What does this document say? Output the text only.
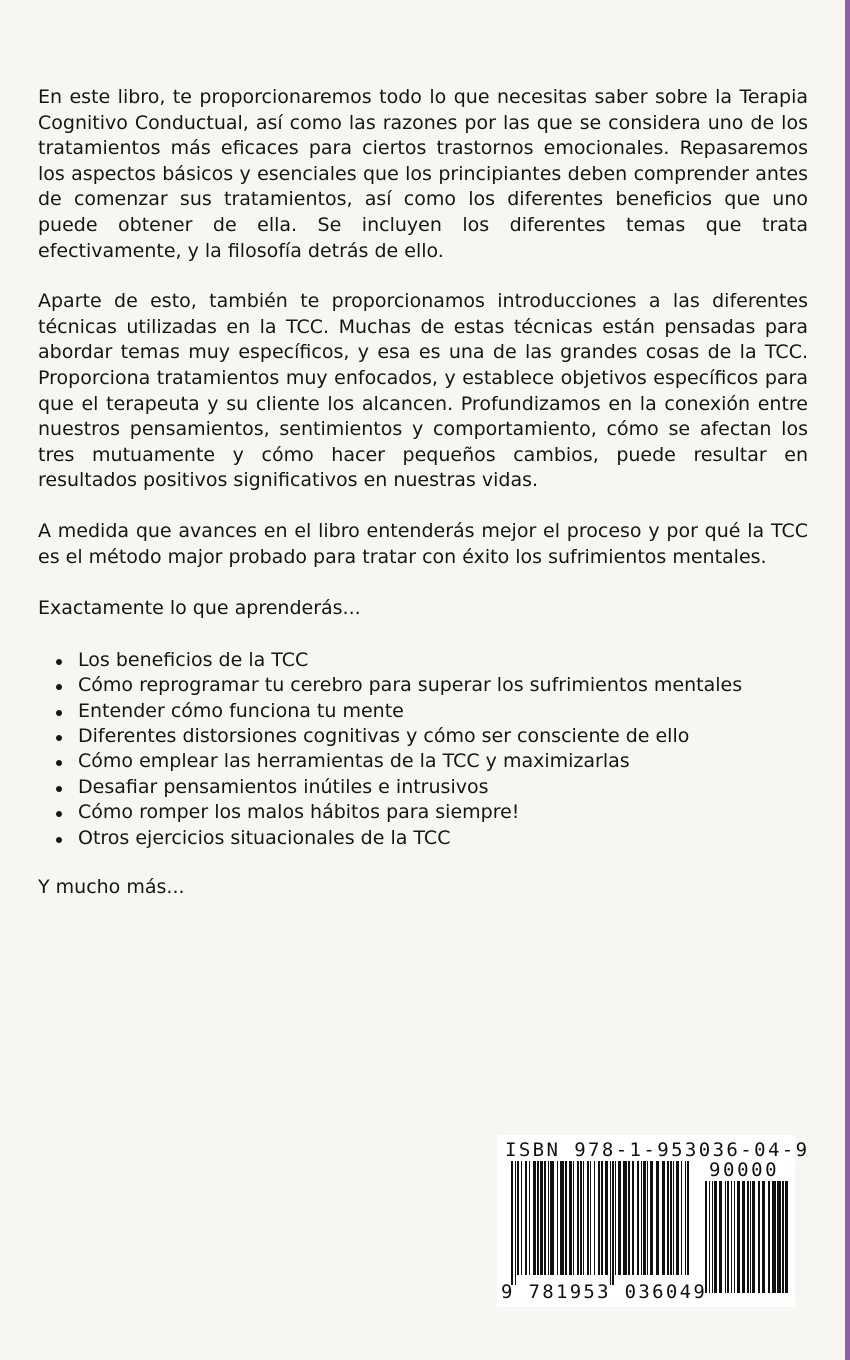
En este libro, te proporcionaremos todo lo que necesitas saber sobre la Terapia Cognitivo Conductual, así como las razones por las que se considera uno de los tratamientos más eficaces para ciertos trastornos emocionales. Repasaremos los aspectos básicos y esenciales que los principiantes deben comprender antes de comenzar sus tratamientos, así como los diferentes beneficios que uno puede obtener de ella. Se incluyen los diferentes temas que trata efectivamente, y la filosofía detrás de ello.

Aparte de esto, también te proporcionamos introducciones a las diferentes técnicas utilizadas en la TCC. Muchas de estas técnicas están pensadas para abordar temas muy específicos, y esa es una de las grandes cosas de la TCC. Proporciona tratamientos muy enfocados, y establece objetivos específicos para que el terapeuta y su cliente los alcancen. Profundizamos en la conexión entre nuestros pensamientos, sentimientos y comportamiento, cómo se afectan los tres mutuamente y cómo hacer pequeños cambios, puede resultar en resultados positivos significativos en nuestras vidas.

A medida que avances en el libro entenderás mejor el proceso y por qué la TCC es el método major probado para tratar con éxito los sufrimientos mentales.

Exactamente lo que aprenderás...

Los beneficios de la TCC
Cómo reprogramar tu cerebro para superar los sufrimientos mentales
Entender cómo funciona tu mente
Diferentes distorsiones cognitivas y cómo ser consciente de ello
Cómo emplear las herramientas de la TCC y maximizarlas
Desafiar pensamientos inútiles e intrusivos
Cómo romper los malos hábitos para siempre!
Otros ejercicios situacionales de la TCC

Y mucho más...

ISBN 978-1-953036-04-9
90000
9 781953 036049
